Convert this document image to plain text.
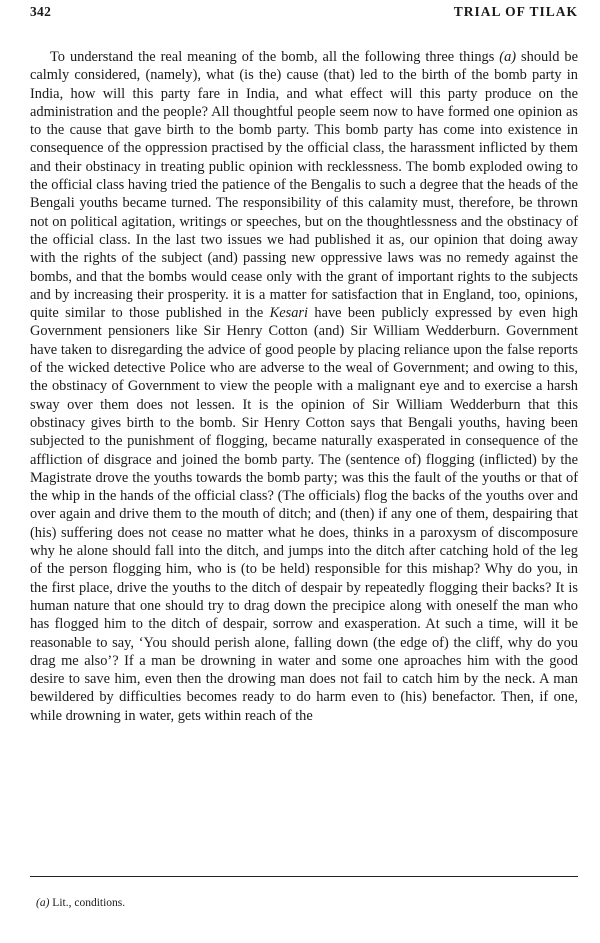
342	TRIAL OF TILAK

To understand the real meaning of the bomb, all the following three things (a) should be calmly considered, (namely), what (is the) cause (that) led to the birth of the bomb party in India, how will this party fare in India, and what effect will this party produce on the administration and the people? All thoughtful people seem now to have formed one opinion as to the cause that gave birth to the bomb party. This bomb party has come into existence in consequence of the oppression practised by the official class, the harassment inflicted by them and their obstinacy in treating public opinion with recklessness. The bomb exploded owing to the official class having tried the patience of the Bengalis to such a degree that the heads of the Bengali youths became turned. The responsibility of this calamity must, therefore, be thrown not on political agitation, writings or speeches, but on the thoughtlessness and the obstinacy of the official class. In the last two issues we had published it as, our opinion that doing away with the rights of the subject (and) passing new oppressive laws was no remedy against the bombs, and that the bombs would cease only with the grant of important rights to the subjects and by increasing their prosperity. it is a matter for satisfaction that in England, too, opinions, quite similar to those published in the Kesari have been publicly expressed by even high Government pensioners like Sir Henry Cotton (and) Sir William Wedderburn. Government have taken to disregarding the advice of good people by placing reliance upon the false reports of the wicked detective Police who are adverse to the weal of Government; and owing to this, the obstinacy of Government to view the people with a malignant eye and to exercise a harsh sway over them does not lessen. It is the opinion of Sir William Wedderburn that this obstinacy gives birth to the bomb. Sir Henry Cotton says that Bengali youths, having been subjected to the punishment of flogging, became naturally exasperated in consequence of the affliction of disgrace and joined the bomb party. The (sentence of) flogging (inflicted) by the Magistrate drove the youths towards the bomb party; was this the fault of the youths or that of the whip in the hands of the official class? (The officials) flog the backs of the youths over and over again and drive them to the mouth of ditch; and (then) if any one of them, despairing that (his) suffering does not cease no matter what he does, thinks in a paroxysm of discomposure why he alone should fall into the ditch, and jumps into the ditch after catching hold of the leg of the person flogging him, who is (to be held) responsible for this mishap? Why do you, in the first place, drive the youths to the ditch of despair by repeatedly flogging their backs? It is human nature that one should try to drag down the precipice along with oneself the man who has flogged him to the ditch of despair, sorrow and exasperation. At such a time, will it be reasonable to say, ‘You should perish alone, falling down (the edge of) the cliff, why do you drag me also’? If a man be drowning in water and some one aproaches him with the good desire to save him, even then the drowing man does not fail to catch him by the neck. A man bewildered by difficulties becomes ready to do harm even to (his) benefactor. Then, if one, while drowning in water, gets within reach of the

(a) Lit., conditions.
